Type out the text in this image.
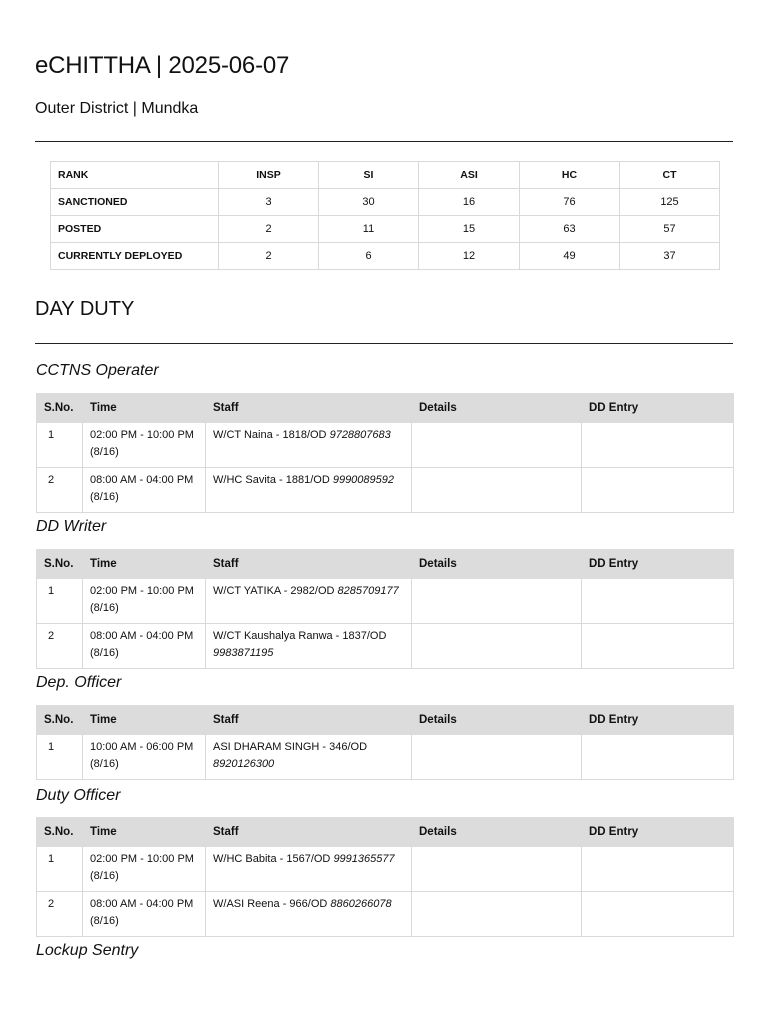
eCHITTHA | 2025-06-07
Outer District | Mundka
RANK	INSP	SI	ASI	HC	CT
SANCTIONED	3	30	16	76	125
POSTED	2	11	15	63	57
CURRENTLY DEPLOYED	2	6	12	49	37
DAY DUTY
CCTNS Operater
S.No.	Time	Staff	Details	DD Entry
1	02:00 PM - 10:00 PM (8/16)	W/CT Naina - 1818/OD 9728807683		
2	08:00 AM - 04:00 PM (8/16)	W/HC Savita - 1881/OD 9990089592		
DD Writer
S.No.	Time	Staff	Details	DD Entry
1	02:00 PM - 10:00 PM (8/16)	W/CT YATIKA - 2982/OD 8285709177		
2	08:00 AM - 04:00 PM (8/16)	W/CT Kaushalya Ranwa - 1837/OD 9983871195		
Dep. Officer
S.No.	Time	Staff	Details	DD Entry
1	10:00 AM - 06:00 PM (8/16)	ASI DHARAM SINGH - 346/OD 8920126300		
Duty Officer
S.No.	Time	Staff	Details	DD Entry
1	02:00 PM - 10:00 PM (8/16)	W/HC Babita - 1567/OD 9991365577		
2	08:00 AM - 04:00 PM (8/16)	W/ASI Reena - 966/OD 8860266078		
Lockup Sentry
